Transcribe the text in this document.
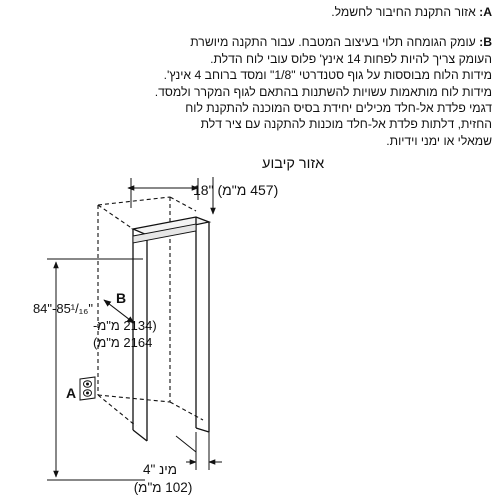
A: אזור התקנת החיבור לחשמל.

B: עומק הגומחה תלוי בעיצוב המטבח. עבור התקנה מיושרת
העומק צריך להיות לפחות 14 אינץ' פלוס עובי לוח הדלת.
מידות הלוח מבוססות על גוף סטנדרטי "1/8" ומסד ברוחב 4 אינץ'.
מידות לוח מותאמות עשויות להשתנות בהתאם לגוף המקרר ולמסד.
דגמי פלדת אל-חלד מכילים יחידת בסיס המוכנה להתקנת לוח
החזית, דלתות פלדת אל-חלד מוכנות להתקנה עם ציר דלת
שמאלי או ימני וידיות.

(457 מ"מ) "18
אזור קיבוע
84"-85¹/₁₆"
(2134 מ"מ-
2164 מ"מ)
B
A
מינ "4
(102 מ"מ)
